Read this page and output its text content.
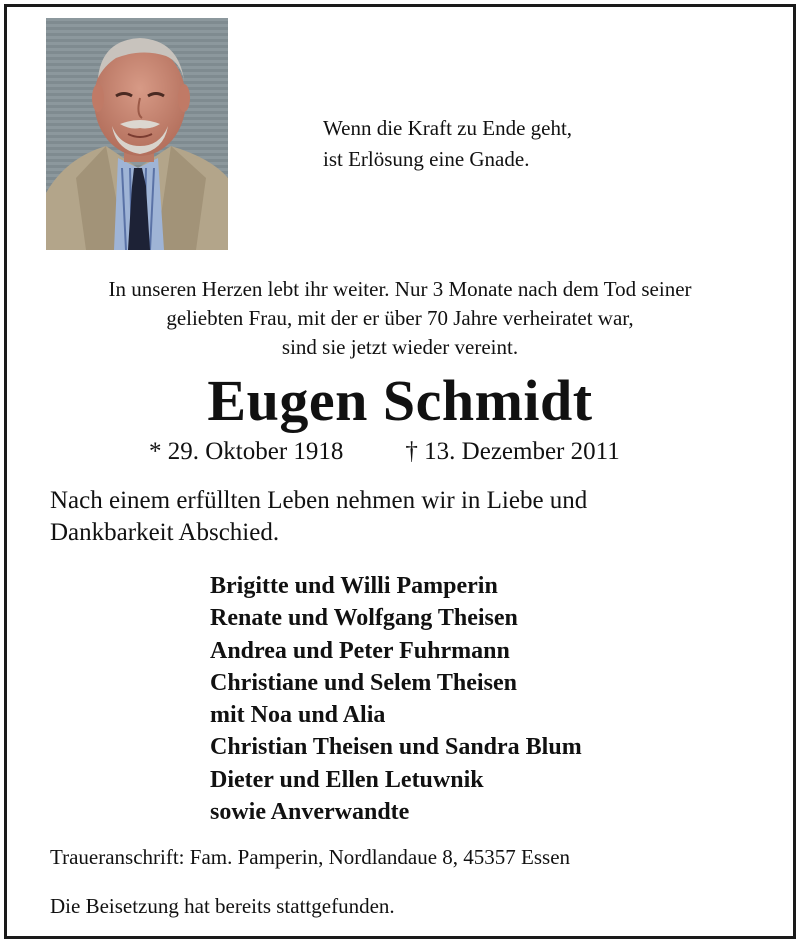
Wenn die Kraft zu Ende geht,
ist Erlösung eine Gnade.
In unseren Herzen lebt ihr weiter. Nur 3 Monate nach dem Tod seiner
geliebten Frau, mit der er über 70 Jahre verheiratet war,
sind sie jetzt wieder vereint.
Eugen Schmidt
* 29. Oktober 1918 † 13. Dezember 2011
Nach einem erfüllten Leben nehmen wir in Liebe und
Dankbarkeit Abschied.
Brigitte und Willi Pamperin
Renate und Wolfgang Theisen
Andrea und Peter Fuhrmann
Christiane und Selem Theisen
mit Noa und Alia
Christian Theisen und Sandra Blum
Dieter und Ellen Letuwnik
sowie Anverwandte
Traueranschrift: Fam. Pamperin, Nordlandaue 8, 45357 Essen
Die Beisetzung hat bereits stattgefunden.
